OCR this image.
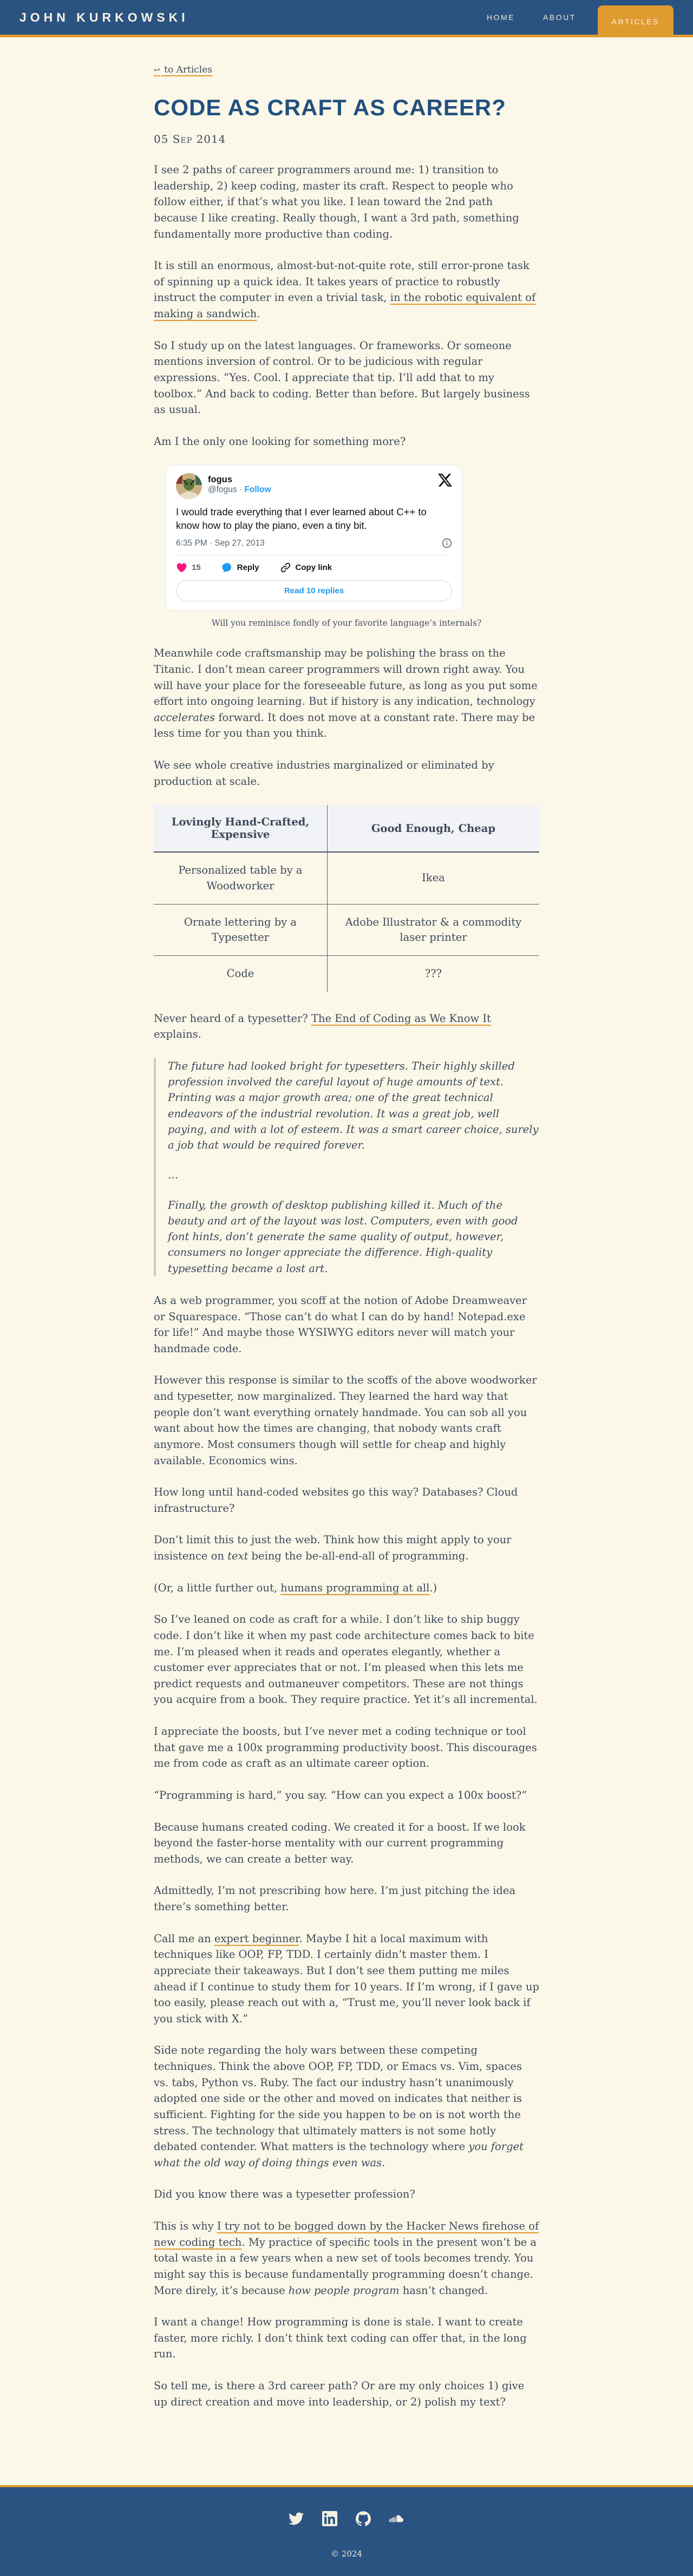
JOHN KURKOWSKI	HOME	ABOUT	ARTICLES
↩ to Articles
CODE AS CRAFT AS CAREER?
05 Sep 2014

I see 2 paths of career programmers around me: 1) transition to leadership, 2) keep coding, master its craft. Respect to people who follow either, if that’s what you like. I lean toward the 2nd path because I like creating. Really though, I want a 3rd path, something fundamentally more productive than coding.

It is still an enormous, almost-but-not-quite rote, still error-prone task of spinning up a quick idea. It takes years of practice to robustly instruct the computer in even a trivial task, in the robotic equivalent of making a sandwich.

So I study up on the latest languages. Or frameworks. Or someone mentions inversion of control. Or to be judicious with regular expressions. “Yes. Cool. I appreciate that tip. I’ll add that to my toolbox.” And back to coding. Better than before. But largely business as usual.

Am I the only one looking for something more?

fogus
@fogus · Follow

I would trade everything that I ever learned about C++ to know how to play the piano, even a tiny bit.

6:35 PM · Sep 27, 2013
15	Reply	Copy link
Read 10 replies

Will you reminisce fondly of your favorite language’s internals?

Meanwhile code craftsmanship may be polishing the brass on the Titanic. I don’t mean career programmers will drown right away. You will have your place for the foreseeable future, as long as you put some effort into ongoing learning. But if history is any indication, technology accelerates forward. It does not move at a constant rate. There may be less time for you than you think.

We see whole creative industries marginalized or eliminated by production at scale.

Lovingly Hand-Crafted, Expensive	Good Enough, Cheap
Personalized table by a Woodworker	Ikea
Ornate lettering by a Typesetter	Adobe Illustrator & a commodity laser printer
Code	???

Never heard of a typesetter? The End of Coding as We Know It explains.

The future had looked bright for typesetters. Their highly skilled profession involved the careful layout of huge amounts of text. Printing was a major growth area; one of the great technical endeavors of the industrial revolution. It was a great job, well paying, and with a lot of esteem. It was a smart career choice, surely a job that would be required forever.

…

Finally, the growth of desktop publishing killed it. Much of the beauty and art of the layout was lost. Computers, even with good font hints, don’t generate the same quality of output, however, consumers no longer appreciate the difference. High-quality typesetting became a lost art.

As a web programmer, you scoff at the notion of Adobe Dreamweaver or Squarespace. “Those can’t do what I can do by hand! Notepad.exe for life!” And maybe those WYSIWYG editors never will match your handmade code.

However this response is similar to the scoffs of the above woodworker and typesetter, now marginalized. They learned the hard way that people don’t want everything ornately handmade. You can sob all you want about how the times are changing, that nobody wants craft anymore. Most consumers though will settle for cheap and highly available. Economics wins.

How long until hand-coded websites go this way? Databases? Cloud infrastructure?

Don’t limit this to just the web. Think how this might apply to your insistence on text being the be-all-end-all of programming.

(Or, a little further out, humans programming at all.)

So I’ve leaned on code as craft for a while. I don’t like to ship buggy code. I don’t like it when my past code architecture comes back to bite me. I’m pleased when it reads and operates elegantly, whether a customer ever appreciates that or not. I’m pleased when this lets me predict requests and outmaneuver competitors. These are not things you acquire from a book. They require practice. Yet it’s all incremental.

I appreciate the boosts, but I’ve never met a coding technique or tool that gave me a 100x programming productivity boost. This discourages me from code as craft as an ultimate career option.

“Programming is hard,” you say. “How can you expect a 100x boost?”

Because humans created coding. We created it for a boost. If we look beyond the faster-horse mentality with our current programming methods, we can create a better way.

Admittedly, I’m not prescribing how here. I’m just pitching the idea there’s something better.

Call me an expert beginner. Maybe I hit a local maximum with techniques like OOP, FP, TDD. I certainly didn’t master them. I appreciate their takeaways. But I don’t see them putting me miles ahead if I continue to study them for 10 years. If I’m wrong, if I gave up too easily, please reach out with a, “Trust me, you’ll never look back if you stick with X.”

Side note regarding the holy wars between these competing techniques. Think the above OOP, FP, TDD, or Emacs vs. Vim, spaces vs. tabs, Python vs. Ruby. The fact our industry hasn’t unanimously adopted one side or the other and moved on indicates that neither is sufficient. Fighting for the side you happen to be on is not worth the stress. The technology that ultimately matters is not some hotly debated contender. What matters is the technology where you forget what the old way of doing things even was.

Did you know there was a typesetter profession?

This is why I try not to be bogged down by the Hacker News firehose of new coding tech. My practice of specific tools in the present won’t be a total waste in a few years when a new set of tools becomes trendy. You might say this is because fundamentally programming doesn’t change. More direly, it’s because how people program hasn’t changed.

I want a change! How programming is done is stale. I want to create faster, more richly. I don’t think text coding can offer that, in the long run.

So tell me, is there a 3rd career path? Or are my only choices 1) give up direct creation and move into leadership, or 2) polish my text?

© 2024
